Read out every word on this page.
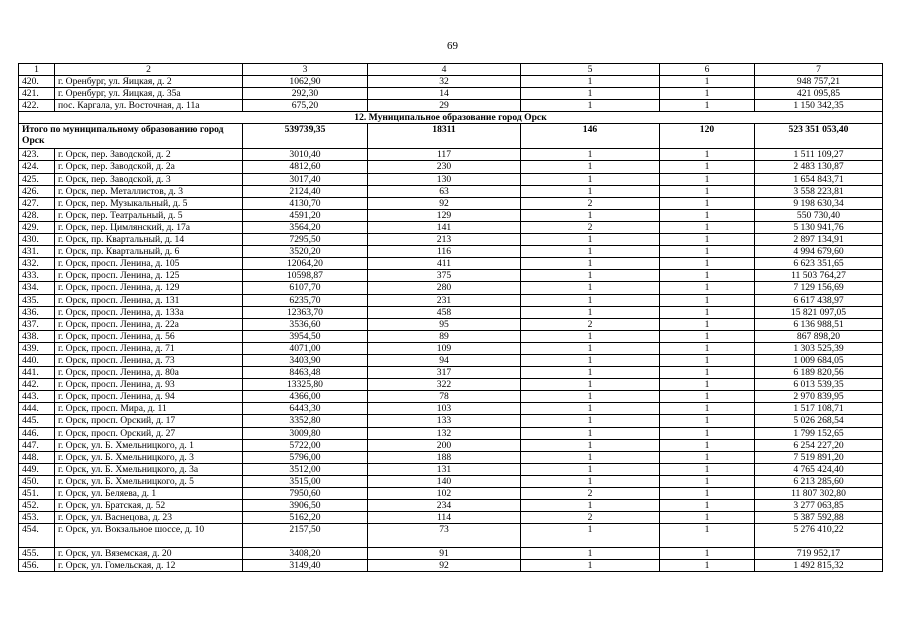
69
1	2	3	4	5	6	7
420.	г. Оренбург, ул. Яицкая, д. 2	1062,90	32	1	1	948 757,21
421.	г. Оренбург, ул. Яицкая, д. 35а	292,30	14	1	1	421 095,85
422.	пос. Каргала, ул. Восточная, д. 11а	675,20	29	1	1	1 150 342,35
12. Муниципальное образование город Орск						
Итого по муниципальному образованию город Орск		539739,35	18311	146	120	523 351 053,40
423.	г. Орск, пер. Заводской, д. 2	3010,40	117	1	1	1 511 109,27
424.	г. Орск, пер. Заводской, д. 2а	4812,60	230	1	1	2 483 130,87
425.	г. Орск, пер. Заводской, д. 3	3017,40	130	1	1	1 654 843,71
426.	г. Орск, пер. Металлистов, д. 3	2124,40	63	1	1	3 558 223,81
427.	г. Орск, пер. Музыкальный, д. 5	4130,70	92	2	1	9 198 630,34
428.	г. Орск, пер. Театральный, д. 5	4591,20	129	1	1	550 730,40
429.	г. Орск, пер. Цимлянский, д. 17а	3564,20	141	2	1	5 130 941,76
430.	г. Орск, пр. Квартальный, д. 14	7295,50	213	1	1	2 897 134,91
431.	г. Орск, пр. Квартальный, д. 6	3520,20	116	1	1	4 994 679,60
432.	г. Орск, просп. Ленина, д. 105	12064,20	411	1	1	6 623 351,65
433.	г. Орск, просп. Ленина, д. 125	10598,87	375	1	1	11 503 764,27
434.	г. Орск, просп. Ленина, д. 129	6107,70	280	1	1	7 129 156,69
435.	г. Орск, просп. Ленина, д. 131	6235,70	231	1	1	6 617 438,97
436.	г. Орск, просп. Ленина, д. 133а	12363,70	458	1	1	15 821 097,05
437.	г. Орск, просп. Ленина, д. 22а	3536,60	95	2	1	6 136 988,51
438.	г. Орск, просп. Ленина, д. 56	3954,50	89	1	1	867 898,20
439.	г. Орск, просп. Ленина, д. 71	4071,00	109	1	1	1 303 525,39
440.	г. Орск, просп. Ленина, д. 73	3403,90	94	1	1	1 009 684,05
441.	г. Орск, просп. Ленина, д. 80а	8463,48	317	1	1	6 189 820,56
442.	г. Орск, просп. Ленина, д. 93	13325,80	322	1	1	6 013 539,35
443.	г. Орск, просп. Ленина, д. 94	4366,00	78	1	1	2 970 839,95
444.	г. Орск, просп. Мира, д. 11	6443,30	103	1	1	1 517 108,71
445.	г. Орск, просп. Орский, д. 17	3352,80	133	1	1	5 026 268,54
446.	г. Орск, просп. Орский, д. 27	3009,80	132	1	1	1 799 152,65
447.	г. Орск, ул. Б. Хмельницкого, д. 1	5722,00	200	1	1	6 254 227,20
448.	г. Орск, ул. Б. Хмельницкого, д. 3	5796,00	188	1	1	7 519 891,20
449.	г. Орск, ул. Б. Хмельницкого, д. 3а	3512,00	131	1	1	4 765 424,40
450.	г. Орск, ул. Б. Хмельницкого, д. 5	3515,00	140	1	1	6 213 285,60
451.	г. Орск, ул. Беляева, д. 1	7950,60	102	2	1	11 807 302,80
452.	г. Орск, ул. Братская, д. 52	3906,50	234	1	1	3 277 063,85
453.	г. Орск, ул. Васнецова, д. 23	5162,20	114	2	1	5 387 592,88
454.	г. Орск, ул. Вокзальное шоссе, д. 10	2157,50	73	1	1	5 276 410,22
455.	г. Орск, ул. Вяземская, д. 20	3408,20	91	1	1	719 952,17
456.	г. Орск, ул. Гомельская, д. 12	3149,40	92	1	1	1 492 815,32
